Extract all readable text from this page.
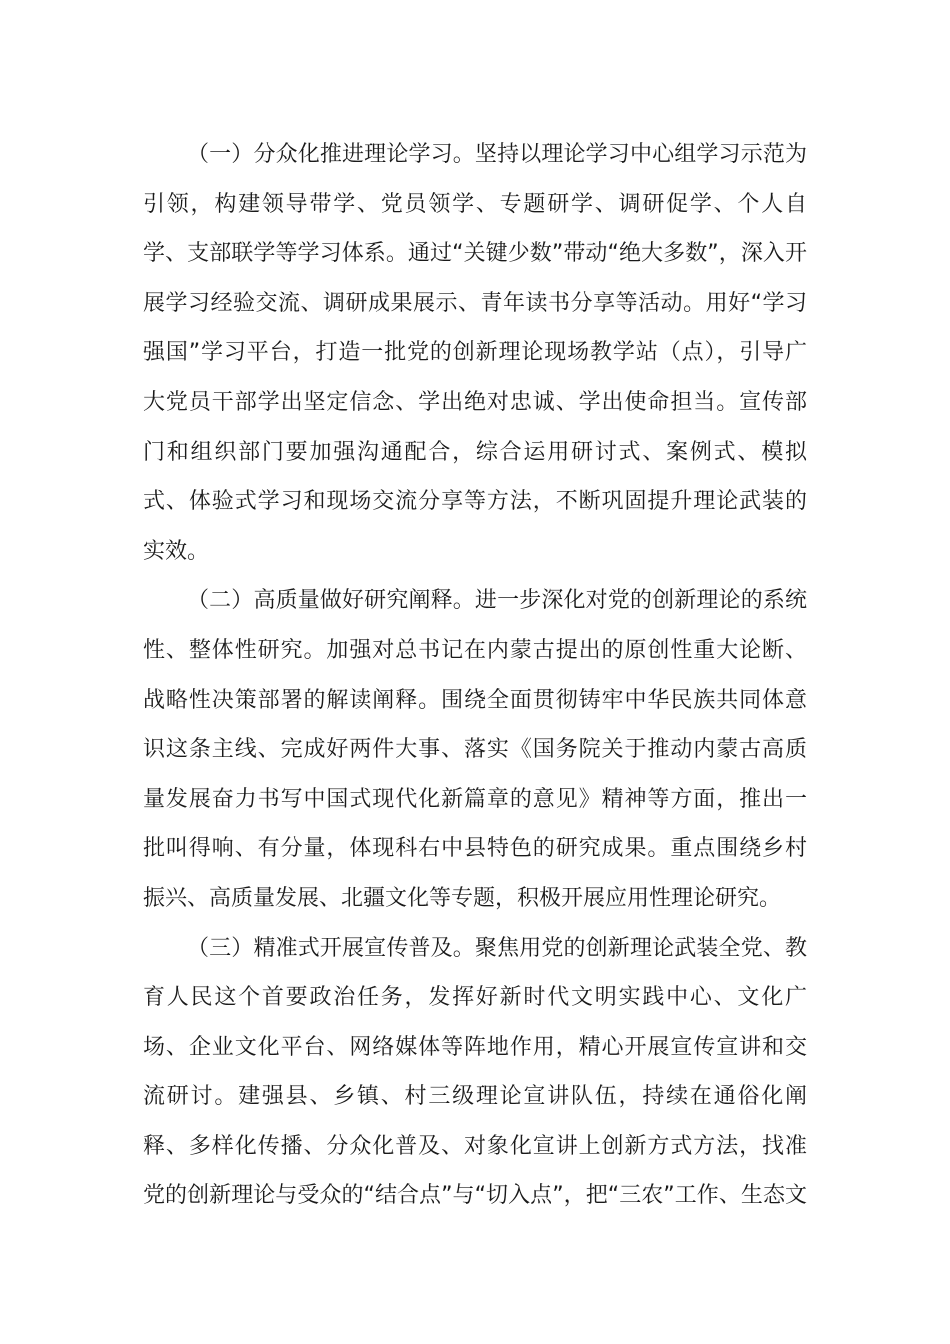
（一）分众化推进理论学习。坚持以理论学习中心组学习示范为
引领，构建领导带学、党员领学、专题研学、调研促学、个人自
学、支部联学等学习体系。通过“关键少数”带动“绝大多数”，深入开
展学习经验交流、调研成果展示、青年读书分享等活动。用好“学习
强国”学习平台，打造一批党的创新理论现场教学站（点），引导广
大党员干部学出坚定信念、学出绝对忠诚、学出使命担当。宣传部
门和组织部门要加强沟通配合，综合运用研讨式、案例式、模拟
式、体验式学习和现场交流分享等方法，不断巩固提升理论武装的
实效。
（二）高质量做好研究阐释。进一步深化对党的创新理论的系统
性、整体性研究。加强对总书记在内蒙古提出的原创性重大论断、
战略性决策部署的解读阐释。围绕全面贯彻铸牢中华民族共同体意
识这条主线、完成好两件大事、落实《国务院关于推动内蒙古高质
量发展奋力书写中国式现代化新篇章的意见》精神等方面，推出一
批叫得响、有分量，体现科右中县特色的研究成果。重点围绕乡村
振兴、高质量发展、北疆文化等专题，积极开展应用性理论研究。
（三）精准式开展宣传普及。聚焦用党的创新理论武装全党、教
育人民这个首要政治任务，发挥好新时代文明实践中心、文化广
场、企业文化平台、网络媒体等阵地作用，精心开展宣传宣讲和交
流研讨。建强县、乡镇、村三级理论宣讲队伍，持续在通俗化阐
释、多样化传播、分众化普及、对象化宣讲上创新方式方法，找准
党的创新理论与受众的“结合点”与“切入点”，把“三农”工作、生态文
